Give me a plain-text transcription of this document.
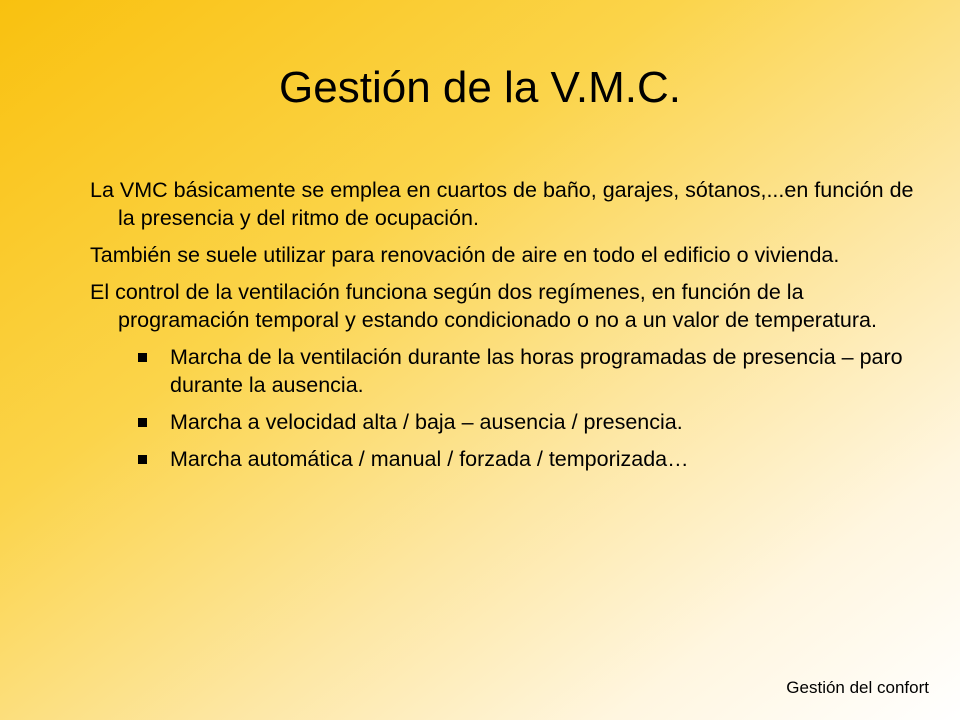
Gestión de la V.M.C.

La VMC básicamente se emplea en cuartos de baño, garajes, sótanos,...en función de la presencia y del ritmo de ocupación.

También se suele utilizar para renovación de aire en todo el edificio o vivienda.

El control de la ventilación funciona según dos regímenes, en función de la programación temporal y estando condicionado o no a un valor de temperatura.

Marcha de la ventilación durante las horas programadas de presencia – paro durante la ausencia.
Marcha a velocidad alta / baja – ausencia / presencia.
Marcha automática / manual / forzada / temporizada…
Gestión del confort
